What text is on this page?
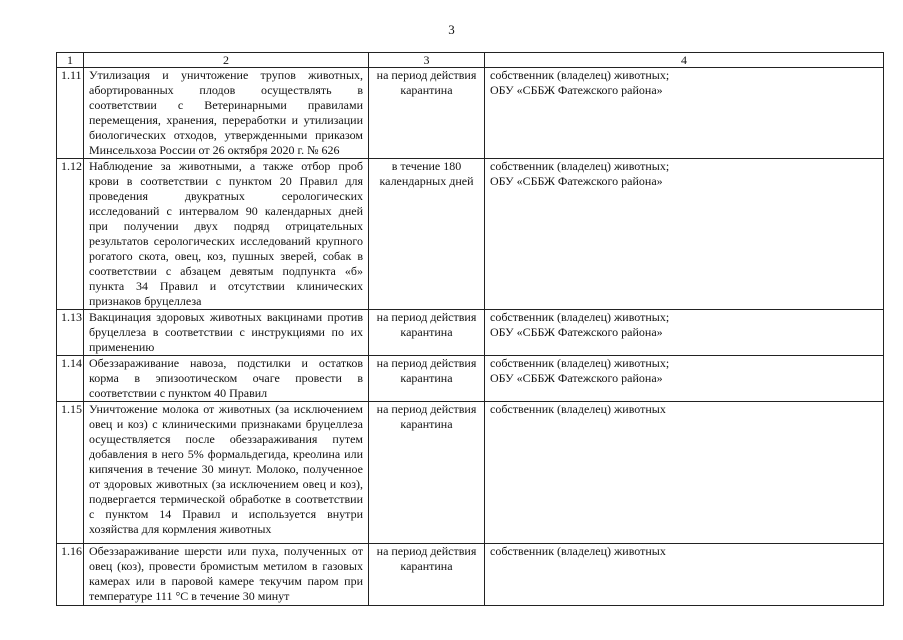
3
1	2	3	4
1.11	Утилизация и уничтожение трупов животных, абортированных плодов осуществлять в соответствии с Ветеринарными правилами перемещения, хранения, переработки и утилизации биологических отходов, утвержденными приказом Минсельхоза России от 26 октября 2020 г. № 626	на период действия карантина	собственник (владелец) животных;
ОБУ «СББЖ Фатежского района»
1.12	Наблюдение за животными, а также отбор проб крови в соответствии с пунктом 20 Правил для проведения двукратных серологических исследований с интервалом 90 календарных дней при получении двух подряд отрицательных результатов серологических исследований крупного рогатого скота, овец, коз, пушных зверей, собак в соответствии с абзацем девятым подпункта «б» пункта 34 Правил и отсутствии клинических признаков бруцеллеза	в течение 180 календарных дней	собственник (владелец) животных;
ОБУ «СББЖ Фатежского района»
1.13	Вакцинация здоровых животных вакцинами против бруцеллеза в соответствии с инструкциями по их применению	на период действия карантина	собственник (владелец) животных;
ОБУ «СББЖ Фатежского района»
1.14	Обеззараживание навоза, подстилки и остатков корма в эпизоотическом очаге провести в соответствии с пунктом 40 Правил	на период действия карантина	собственник (владелец) животных;
ОБУ «СББЖ Фатежского района»
1.15	Уничтожение молока от животных (за исключением овец и коз) с клиническими признаками бруцеллеза осуществляется после обеззараживания путем добавления в него 5% формальдегида, креолина или кипячения в течение 30 минут. Молоко, полученное от здоровых животных (за исключением овец и коз), подвергается термической обработке в соответствии с пунктом 14 Правил и используется внутри хозяйства для кормления животных	на период действия карантина	собственник (владелец) животных
1.16	Обеззараживание шерсти или пуха, полученных от овец (коз), провести бромистым метилом в газовых камерах или в паровой камере текучим паром при температуре 111 °С в течение 30 минут	на период действия карантина	собственник (владелец) животных
